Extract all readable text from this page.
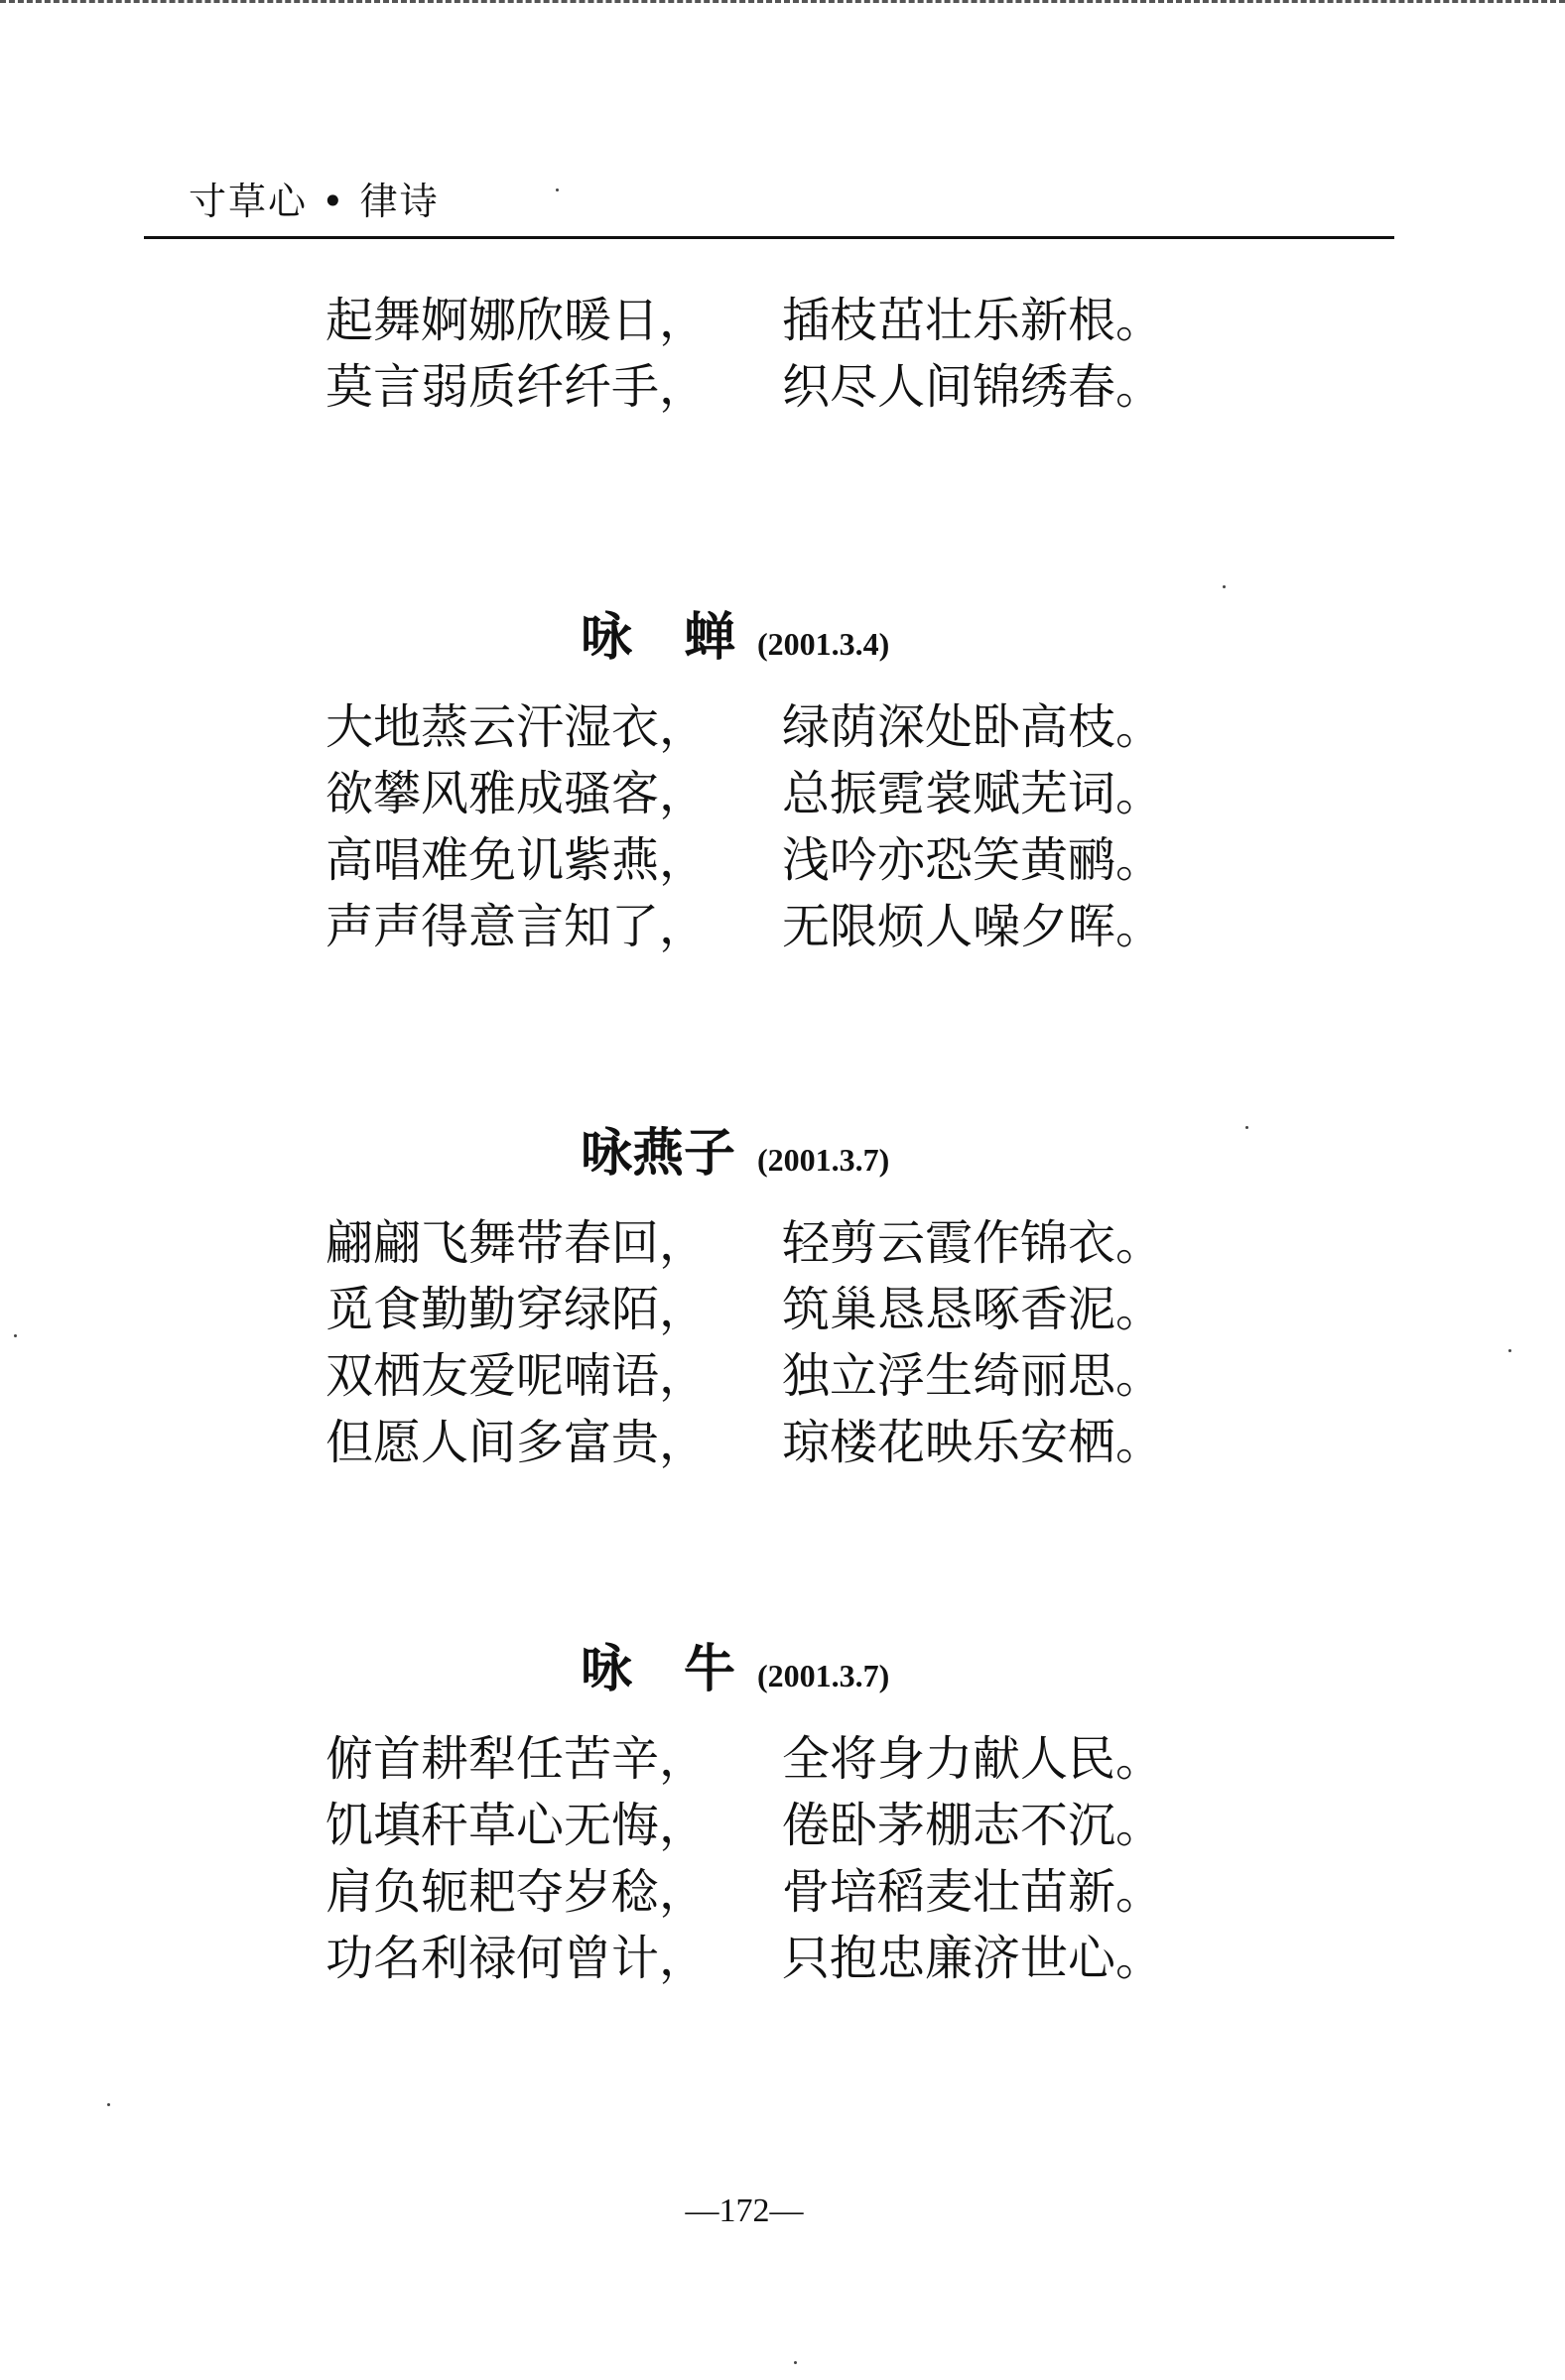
寸草心 • 律诗
起舞婀娜欣暖日， 插枝茁壮乐新根。
莫言弱质纤纤手， 织尽人间锦绣春。
咏　蝉 (2001.3.4)
大地蒸云汗湿衣， 绿荫深处卧高枝。
欲攀风雅成骚客， 总振霓裳赋芜词。
高唱难免讥紫燕， 浅吟亦恐笑黄鹂。
声声得意言知了， 无限烦人噪夕晖。
咏燕子 (2001.3.7)
翩翩飞舞带春回， 轻剪云霞作锦衣。
觅食勤勤穿绿陌， 筑巢恳恳啄香泥。
双栖友爱呢喃语， 独立浮生绮丽思。
但愿人间多富贵， 琼楼花映乐安栖。
咏　牛 (2001.3.7)
俯首耕犁任苦辛， 全将身力献人民。
饥填秆草心无悔， 倦卧茅棚志不沉。
肩负轭耙夺岁稔， 骨培稻麦壮苗新。
功名利禄何曾计， 只抱忠廉济世心。
—172—
